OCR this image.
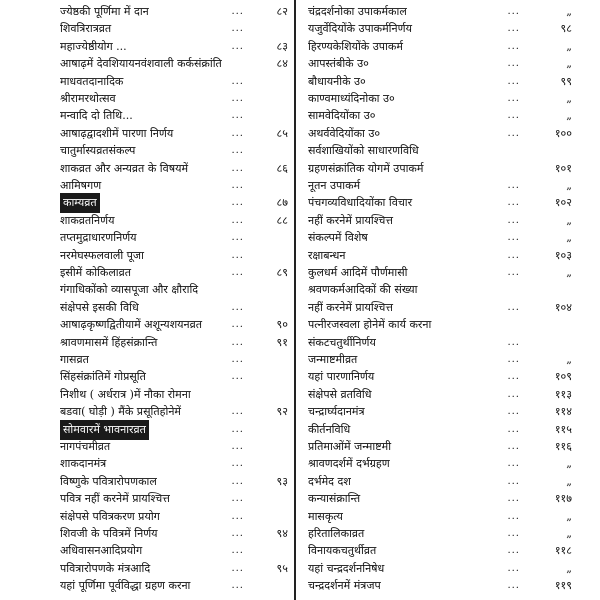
ज्येष्ठकी पूर्णिमा में दान	...	८२
शिवत्रिरात्रव्रत	...
महाज्येष्ठीयोग ...	...	८३
आषाढ़में देवशियायनवंशवाली कर्कसंक्रांति	८४
माधवतदानादिक	...
श्रीरामरथोत्सव	...
मन्वादि दो तिथि...	...
आषाढ़द्वादशीमें पारणा निर्णय	...	८५
चातुर्मास्यव्रतसंकल्प	...
शाकव्रत और अन्यव्रत के विषयमें	...	८६
आमिषगण	...
काम्यव्रत	...	८७
शाकव्रतनिर्णय	...	८८
तप्तमुद्राधारणनिर्णय	...
नरमेघस्फलवाली पूजा	...
इसीमें कोकिलाव्रत	...	८९
गंगाधिकोंको व्यासपूजा और क्षौरादि
संक्षेपसे इसकी विधि	...
आषाढ़कृष्णद्वितीयामें अशून्यशयनव्रत	...	९०
श्रावणमासमें हिंहसंक्रान्ति	...	९१
गासव्रत	...
सिंहसंक्रांतिमें गोप्रसूति	...
निशीथ ( अर्धरात्र )में नौका रोमना
बडवा( घोड़ी ) मैंके प्रसूतिहोनेमें	...	९२
सोमवारमें भावनारव्रत	...
नागपंचमीव्रत	...
शाकदानमंत्र	...
विष्णुके पवित्रारोपणकाल	...	९३
पवित्र नहीं करनेमें प्रायश्चित्त	...
संक्षेपसे पवित्रकरण प्रयोग	...
शिवजी के पवित्रमें निर्णय	...	९४
अधिवासनआदिप्रयोग	...
पवित्रारोपणके मंत्रआदि	...	९५
यहां पूर्णिमा पूर्वविद्धा ग्रहण करना	...
चंद्रदर्शनोका उपाकर्मकाल	...	„
यजुर्वेदियोंके उपाकर्मनिर्णय	...	९८
हिरण्यकेशियोंके उपाकर्म	...	„
आपस्तंबीके उ०	...	„
बौधायनीके उ०	...	९९
काण्वमाध्यंदिनोका उ०	...	„
सामवेदियोंका उ०	...	„
अथर्ववेदियोंका उ०	...	१००
सर्वशाखियोंको साधारणविधि
ग्रहणसंक्रांतिक योगमें उपाकर्म	१०१
नूतन उपाकर्म	...	„
पंचगव्यविधादियोंका विचार	...	१०२
नहीं करनेमें प्रायश्चित्त	...	„
संकल्पमें विशेष	...	„
रक्षाबन्धन	...	१०३
कुलधर्म आदिमें पौर्णमासी	...	„
श्रवणकर्मआदिकों की संख्या
नहीं करनेमें प्रायश्चित्त	...	१०४
पत्नीरजस्वला होनेमें कार्य करना
संकटचतुर्थीनिर्णय	...
जन्माष्टमीव्रत	...	„
यहां पारणानिर्णय	...	१०९
संक्षेपसे व्रतविधि	...	११३
चन्द्रार्घ्यदानमंत्र	...	११४
कीर्तनविधि	...	११५
प्रतिमाओंमें जन्माष्टमी	...	११६
श्रावणदर्शमें दर्भग्रहण	...	„
दर्भमेद दश	...	„
कन्यासंक्रान्ति	...	११७
मासकृत्य	...	„
हरितालिकाव्रत	...	„
विनायकचतुर्थीव्रत	...	११८
यहां चन्द्रदर्शननिषेध	...	„
चन्द्रदर्शनमें मंत्रजप	...	११९
